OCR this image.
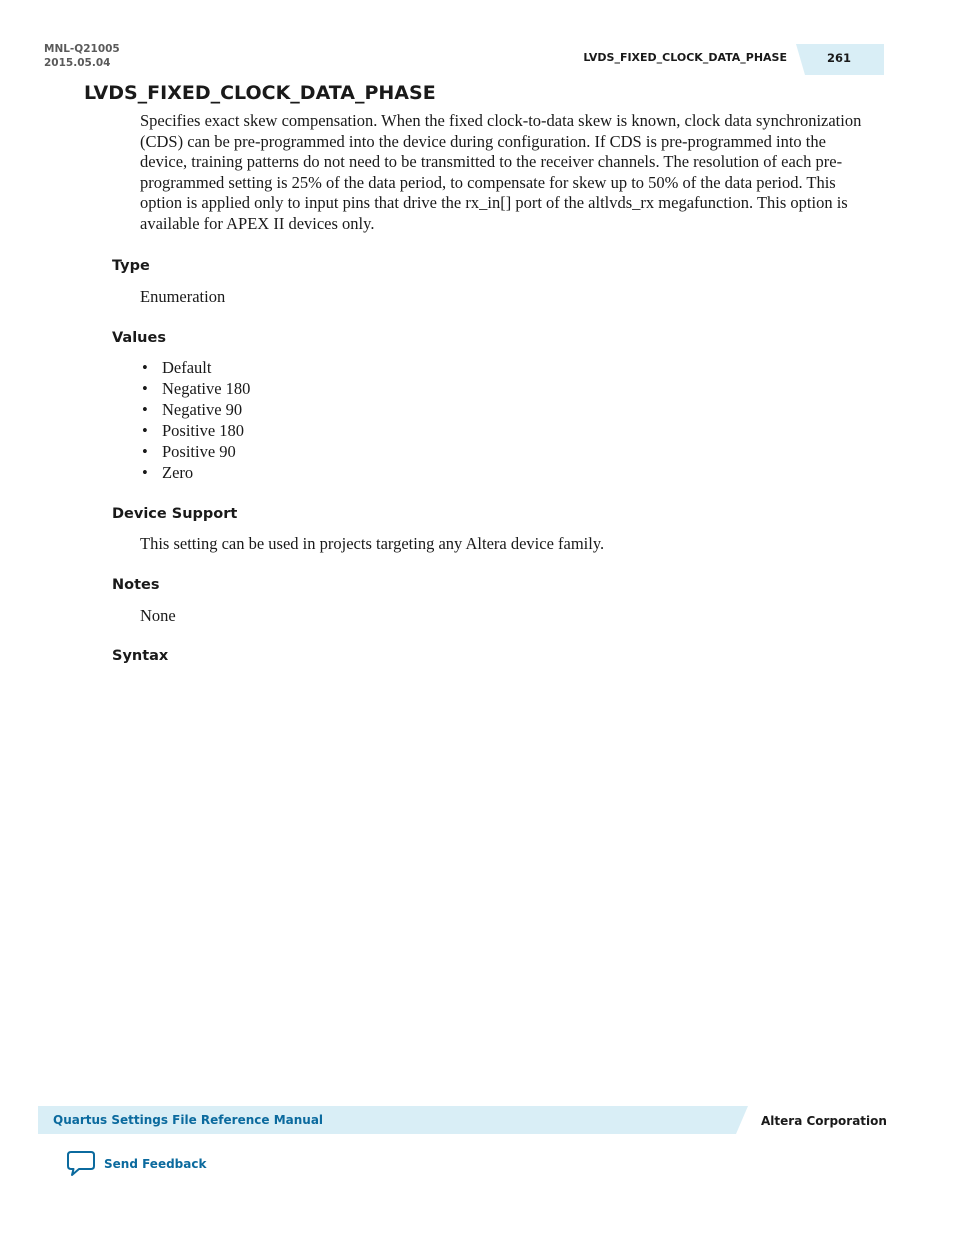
MNL-Q21005
2015.05.04	LVDS_FIXED_CLOCK_DATA_PHASE	261
LVDS_FIXED_CLOCK_DATA_PHASE

Specifies exact skew compensation. When the fixed clock-to-data skew is known, clock data synchronization (CDS) can be pre-programmed into the device during configuration. If CDS is pre-programmed into the device, training patterns do not need to be transmitted to the receiver channels. The resolution of each pre-programmed setting is 25% of the data period, to compensate for skew up to 50% of the data period. This option is applied only to input pins that drive the rx_in[] port of the altlvds_rx megafunction. This option is available for APEX II devices only.

Type

Enumeration

Values
• Default
• Negative 180
• Negative 90
• Positive 180
• Positive 90
• Zero
Device Support

This setting can be used in projects targeting any Altera device family.

Notes

None

Syntax
Quartus Settings File Reference Manual	Altera Corporation
Send Feedback
